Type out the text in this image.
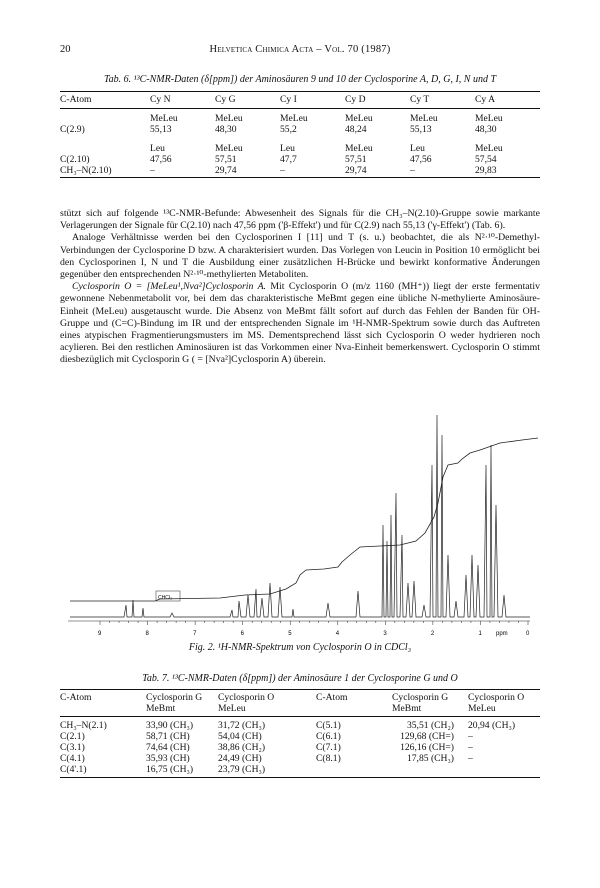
20	Helvetica Chimica Acta – Vol. 70 (1987)
Tab. 6. ¹³C-NMR-Daten (δ[ppm]) der Aminosäuren 9 und 10 der Cyclosporine A, D, G, I, N und T
C-Atom	Cy N	Cy G	Cy I	Cy D	Cy T	Cy A
	MeLeu	MeLeu	MeLeu	MeLeu	MeLeu	MeLeu
C(2.9)	55,13	48,30	55,2	48,24	55,13	48,30
	Leu	MeLeu	Leu	MeLeu	Leu	MeLeu
C(2.10)	47,56	57,51	47,7	57,51	47,56	57,54
CH₃–N(2.10)	–	29,74	–	29,74	–	29,83

stützt sich auf folgende ¹³C-NMR-Befunde: Abwesenheit des Signals für die CH₃–N(2.10)-Gruppe sowie markante Verlagerungen der Signale für C(2.10) nach 47,56 ppm ('β-Effekt') und für C(2.9) nach 55,13 ('γ-Effekt') (Tab. 6).

Analoge Verhältnisse werden bei den Cyclosporinen I [11] und T (s. u.) beobachtet, die als N²·¹⁰-Demethyl-Verbindungen der Cyclosporine D bzw. A charakterisiert wurden. Das Vorlegen von Leucin in Position 10 ermöglicht bei den Cyclosporinen I, N und T die Ausbildung einer zusätzlichen H-Brücke und bewirkt konformative Änderungen gegenüber den entsprechenden N²·¹⁰-methylierten Metaboliten.

Cyclosporin O = [MeLeu¹,Nva²]Cyclosporin A. Mit Cyclosporin O (m/z 1160 (MH⁺)) liegt der erste fermentativ gewonnene Nebenmetabolit vor, bei dem das charakteristische MeBmt gegen eine übliche N-methylierte Aminosäure-Einheit (MeLeu) ausgetauscht wurde. Die Absenz von MeBmt fällt sofort auf durch das Fehlen der Banden für OH-Gruppe und (C=C)-Bindung im IR und der entsprechenden Signale im ¹H-NMR-Spektrum sowie durch das Auftreten eines atypischen Fragmentierungsmusters im MS. Dementsprechend lässt sich Cyclosporin O weder hydrieren noch acylieren. Bei den restlichen Aminosäuren ist das Vorkommen einer Nva-Einheit bemerkenswert. Cyclosporin O stimmt diesbezüglich mit Cyclosporin G ( = [Nva²]Cyclosporin A) überein.

9	8	7	6	5	4	3	2	1	0
CHCl₃
ppm
Fig. 2. ¹H-NMR-Spektrum von Cyclosporin O in CDCl₃
Tab. 7. ¹³C-NMR-Daten (δ[ppm]) der Aminosäure 1 der Cyclosporine G und O
C-Atom	Cyclosporin G	Cyclosporin O	C-Atom	Cyclosporin G	Cyclosporin O
	MeBmt	MeLeu		MeBmt	MeLeu
CH₃–N(2.1)	33,90 (CH₃)	31,72 (CH₃)	C(5.1)	35,51 (CH₂)	20,94 (CH₃)
C(2.1)	58,71 (CH)	54,04 (CH)	C(6.1)	129,68 (CH=)	–
C(3.1)	74,64 (CH)	38,86 (CH₂)	C(7.1)	126,16 (CH=)	–
C(4.1)	35,93 (CH)	24,49 (CH)	C(8.1)	17,85 (CH₃)	–
C(4'.1)	16,75 (CH₃)	23,79 (CH₃)			
